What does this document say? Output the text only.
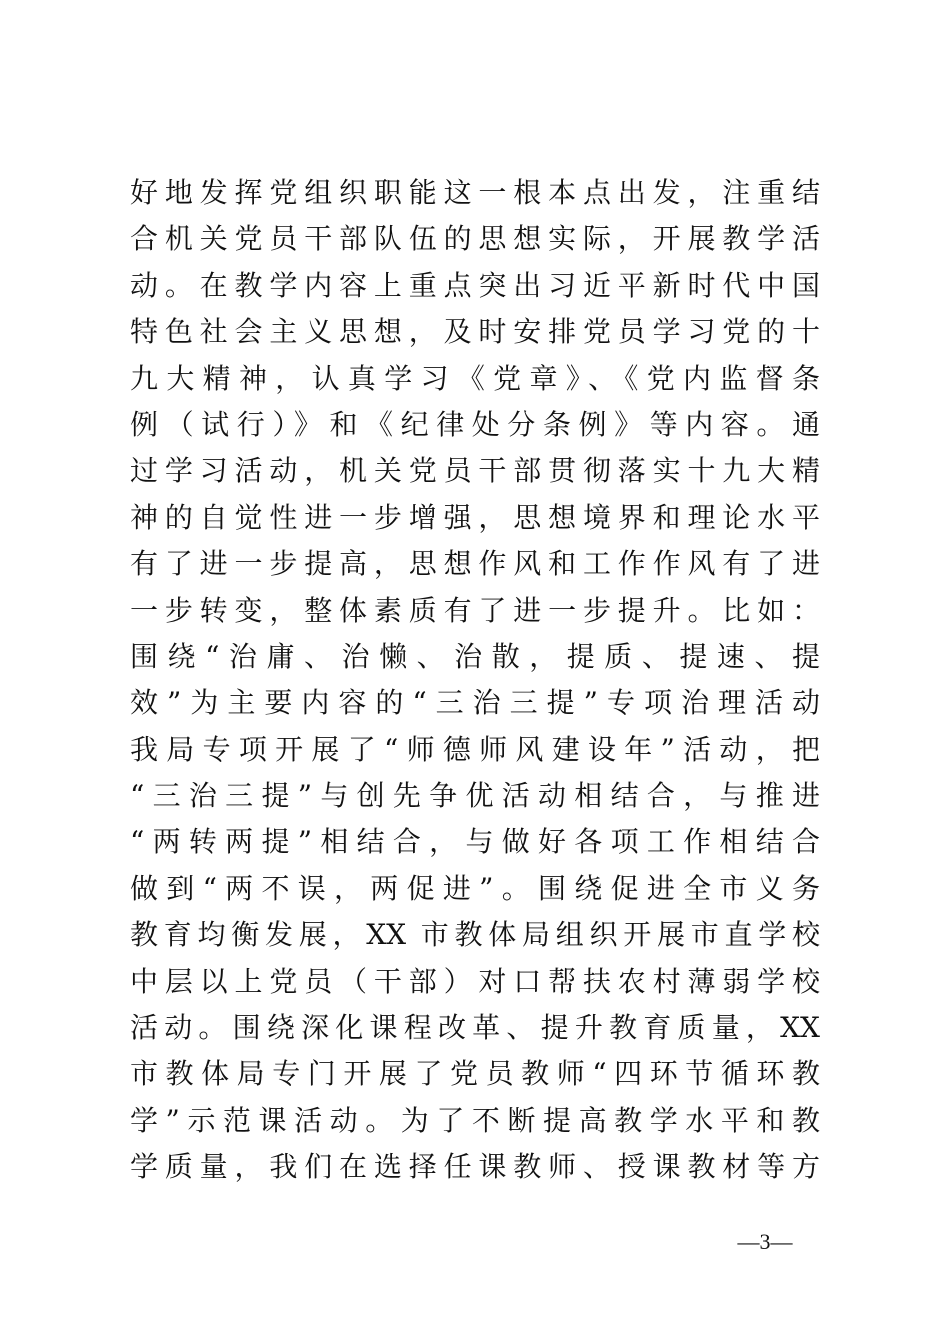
好地发挥党组织职能这一根本点出发，注重结
合机关党员干部队伍的思想实际，开展教学活
动。在教学内容上重点突出习近平新时代中国
特色社会主义思想，及时安排党员学习党的十
九大精神，认真学习《党章》、《党内监督条
例（试行）》和《纪律处分条例》等内容。通
过学习活动，机关党员干部贯彻落实十九大精
神的自觉性进一步增强，思想境界和理论水平
有了进一步提高，思想作风和工作作风有了进
一步转变，整体素质有了进一步提升。比如：
围绕“治庸、治懒、治散，提质、提速、提
效”为主要内容的“三治三提”专项治理活动
我局专项开展了“师德师风建设年”活动，把
“三治三提”与创先争优活动相结合，与推进
“两转两提”相结合，与做好各项工作相结合
做到“两不误，两促进”。围绕促进全市义务
教育均衡发展，XX 市教体局组织开展市直学校
中层以上党员（干部）对口帮扶农村薄弱学校
活动。围绕深化课程改革、提升教育质量，XX
市教体局专门开展了党员教师“四环节循环教
学”示范课活动。为了不断提高教学水平和教
学质量，我们在选择任课教师、授课教材等方
—3—
